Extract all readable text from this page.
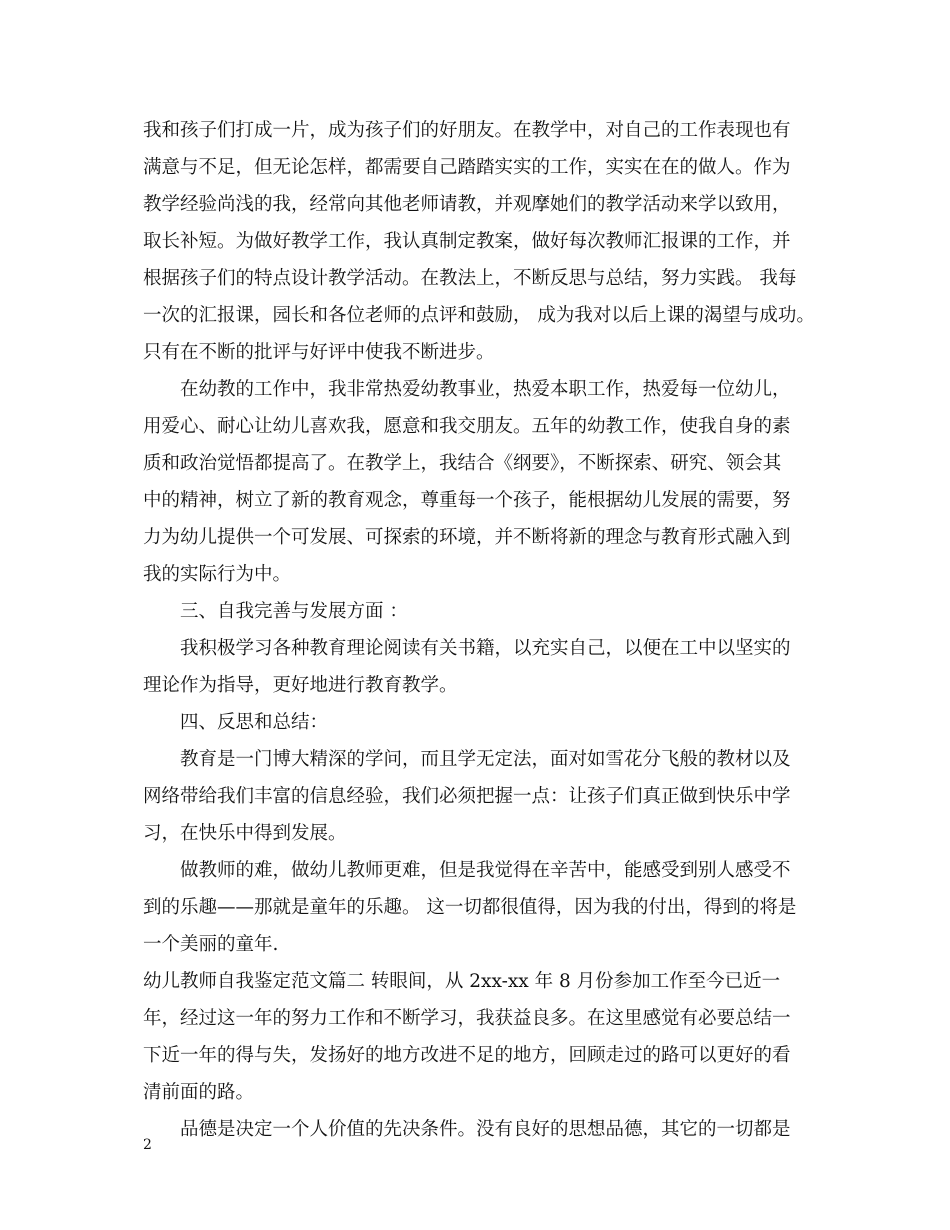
我和孩子们打成一片，成为孩子们的好朋友。在教学中，对自己的工作表现也有
满意与不足，但无论怎样，都需要自己踏踏实实的工作，实实在在的做人。作为
教学经验尚浅的我，经常向其他老师请教，并观摩她们的教学活动来学以致用，
取长补短。为做好教学工作，我认真制定教案，做好每次教师汇报课的工作，并
根据孩子们的特点设计教学活动。在教法上，不断反思与总结，努力实践。 我每
一次的汇报课，园长和各位老师的点评和鼓励， 成为我对以后上课的渴望与成功。
只有在不断的批评与好评中使我不断进步。
在幼教的工作中，我非常热爱幼教事业，热爱本职工作，热爱每一位幼儿，
用爱心、耐心让幼儿喜欢我，愿意和我交朋友。五年的幼教工作，使我自身的素
质和政治觉悟都提高了。在教学上，我结合《纲要》，不断探索、研究、领会其
中的精神，树立了新的教育观念，尊重每一个孩子，能根据幼儿发展的需要，努
力为幼儿提供一个可发展、可探索的环境，并不断将新的理念与教育形式融入到
我的实际行为中。
三、自我完善与发展方面 ：
我积极学习各种教育理论阅读有关书籍，以充实自己，以便在工中以坚实的
理论作为指导，更好地进行教育教学。
四、反思和总结：
教育是一门博大精深的学问，而且学无定法，面对如雪花分飞般的教材以及
网络带给我们丰富的信息经验，我们必须把握一点：让孩子们真正做到快乐中学
习，在快乐中得到发展。
做教师的难，做幼儿教师更难，但是我觉得在辛苦中，能感受到别人感受不
到的乐趣——那就是童年的乐趣。 这一切都很值得，因为我的付出，得到的将是
一个美丽的童年.
幼儿教师自我鉴定范文篇二 转眼间，从 2xx-xx 年 8 月份参加工作至今已近一
年，经过这一年的努力工作和不断学习，我获益良多。在这里感觉有必要总结一
下近一年的得与失，发扬好的地方改进不足的地方，回顾走过的路可以更好的看
清前面的路。
品德是决定一个人价值的先决条件。没有良好的思想品德，其它的一切都是
2
